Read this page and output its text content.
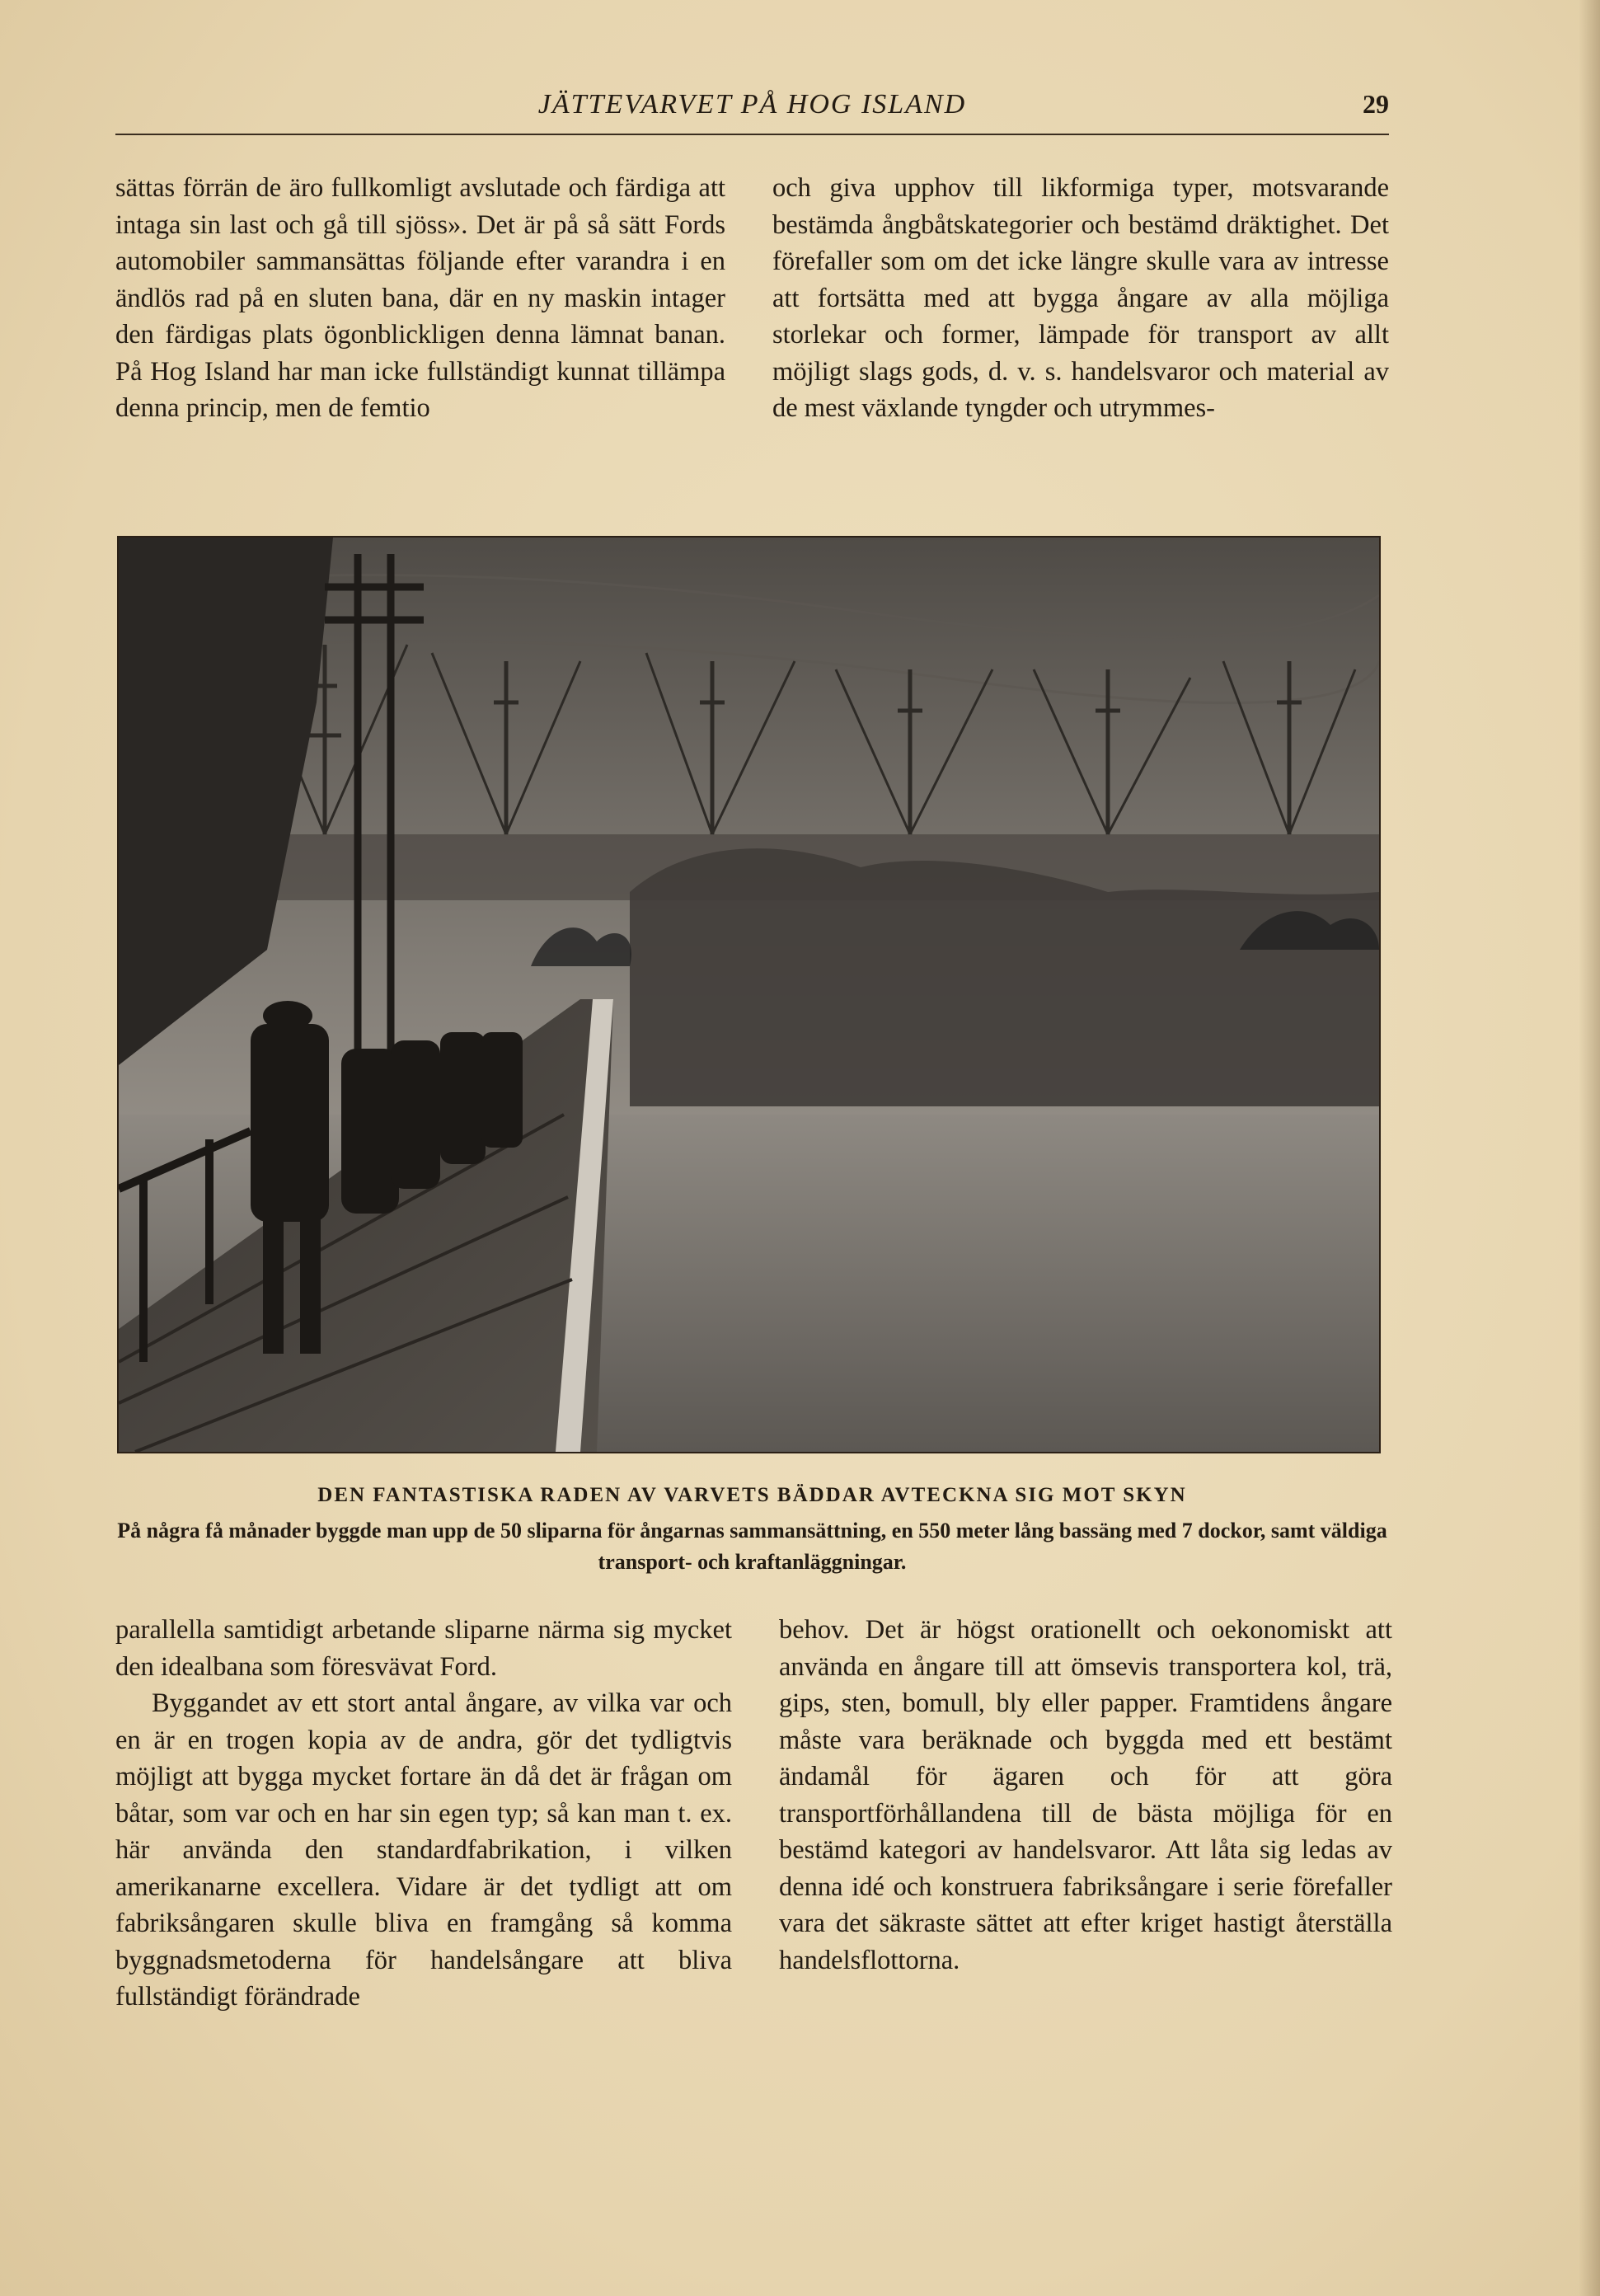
JÄTTEVARVET PÅ HOG ISLAND	29

sättas förrän de äro fullkomligt avslutade och färdiga att intaga sin last och gå till sjöss». Det är på så sätt Fords automobiler sammansättas följande efter varandra i en ändlös rad på en sluten bana, där en ny maskin intager den färdigas plats ögonblickligen denna lämnat banan. På Hog Island har man icke fullständigt kunnat tillämpa denna princip, men de femtio

och giva upphov till likformiga typer, motsvarande bestämda ångbåtskategorier och bestämd dräktighet. Det förefaller som om det icke längre skulle vara av intresse att fortsätta med att bygga ångare av alla möjliga storlekar och former, lämpade för transport av allt möjligt slags gods, d. v. s. handelsvaror och material av de mest växlande tyngder och utrymmes-

DEN FANTASTISKA RADEN AV VARVETS BÄDDAR AVTECKNA SIG MOT SKYN
På några få månader byggde man upp de 50 sliparna för ångarnas sammansättning, en 550 meter lång bassäng med 7 dockor, samt väldiga transport- och kraftanläggningar.

parallella samtidigt arbetande sliparne närma sig mycket den idealbana som föresvävat Ford.

Byggandet av ett stort antal ångare, av vilka var och en är en trogen kopia av de andra, gör det tydligtvis möjligt att bygga mycket fortare än då det är frågan om båtar, som var och en har sin egen typ; så kan man t. ex. här använda den standardfabrikation, i vilken amerikanarne excellera. Vidare är det tydligt att om fabriksångaren skulle bliva en framgång så komma byggnadsmetoderna för handelsångare att bliva fullständigt förändrade

behov. Det är högst orationellt och oekonomiskt att använda en ångare till att ömsevis transportera kol, trä, gips, sten, bomull, bly eller papper. Framtidens ångare måste vara beräknade och byggda med ett bestämt ändamål för ägaren och för att göra transportförhållandena till de bästa möjliga för en bestämd kategori av handelsvaror. Att låta sig ledas av denna idé och konstruera fabriksångare i serie förefaller vara det säkraste sättet att efter kriget hastigt återställa handelsflottorna.
